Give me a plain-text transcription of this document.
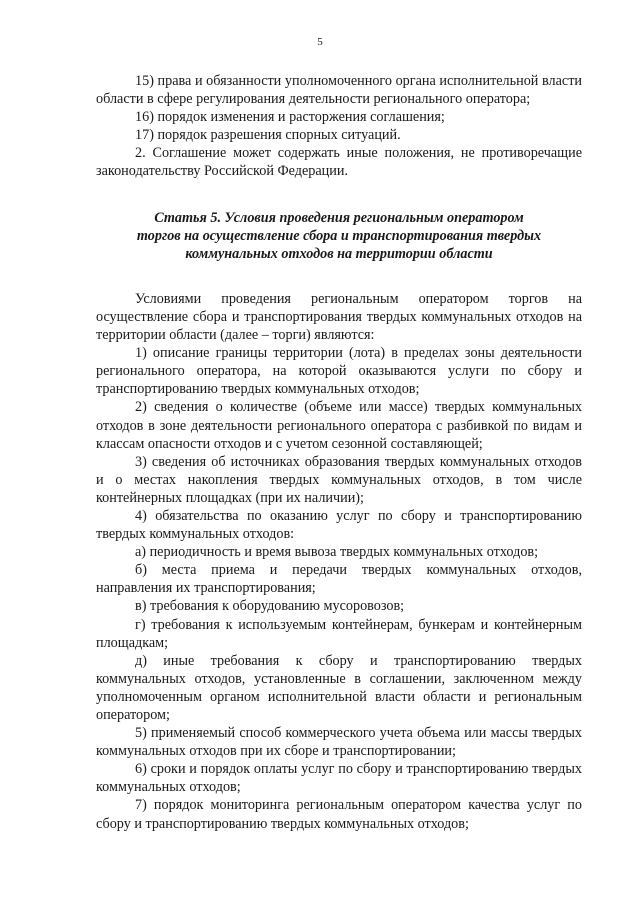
5

15) права и обязанности уполномоченного органа исполнительной власти области в сфере регулирования деятельности регионального оператора;

16) порядок изменения и расторжения соглашения;

17) порядок разрешения спорных ситуаций.

2. Соглашение может содержать иные положения, не противоречащие законодательству Российской Федерации.

Статья 5. Условия проведения региональным оператором
торгов на осуществление сбора и транспортирования твердых
коммунальных отходов на территории области

Условиями проведения региональным оператором торгов на осуществление сбора и транспортирования твердых коммунальных отходов на территории области (далее – торги) являются:

1) описание границы территории (лота) в пределах зоны деятельности регионального оператора, на которой оказываются услуги по сбору и транспортированию твердых коммунальных отходов;

2) сведения о количестве (объеме или массе) твердых коммунальных отходов в зоне деятельности регионального оператора с разбивкой по видам и классам опасности отходов и с учетом сезонной составляющей;

3) сведения об источниках образования твердых коммунальных отходов и о местах накопления твердых коммунальных отходов, в том числе контейнерных площадках (при их наличии);

4) обязательства по оказанию услуг по сбору и транспортированию твердых коммунальных отходов:

а) периодичность и время вывоза твердых коммунальных отходов;

б) места приема и передачи твердых коммунальных отходов, направления их транспортирования;

в) требования к оборудованию мусоровозов;

г) требования к используемым контейнерам, бункерам и контейнерным площадкам;

д) иные требования к сбору и транспортированию твердых коммунальных отходов, установленные в соглашении, заключенном между уполномоченным органом исполнительной власти области и региональным оператором;

5) применяемый способ коммерческого учета объема или массы твердых коммунальных отходов при их сборе и транспортировании;

6) сроки и порядок оплаты услуг по сбору и транспортированию твердых коммунальных отходов;

7) порядок мониторинга региональным оператором качества услуг по сбору и транспортированию твердых коммунальных отходов;
